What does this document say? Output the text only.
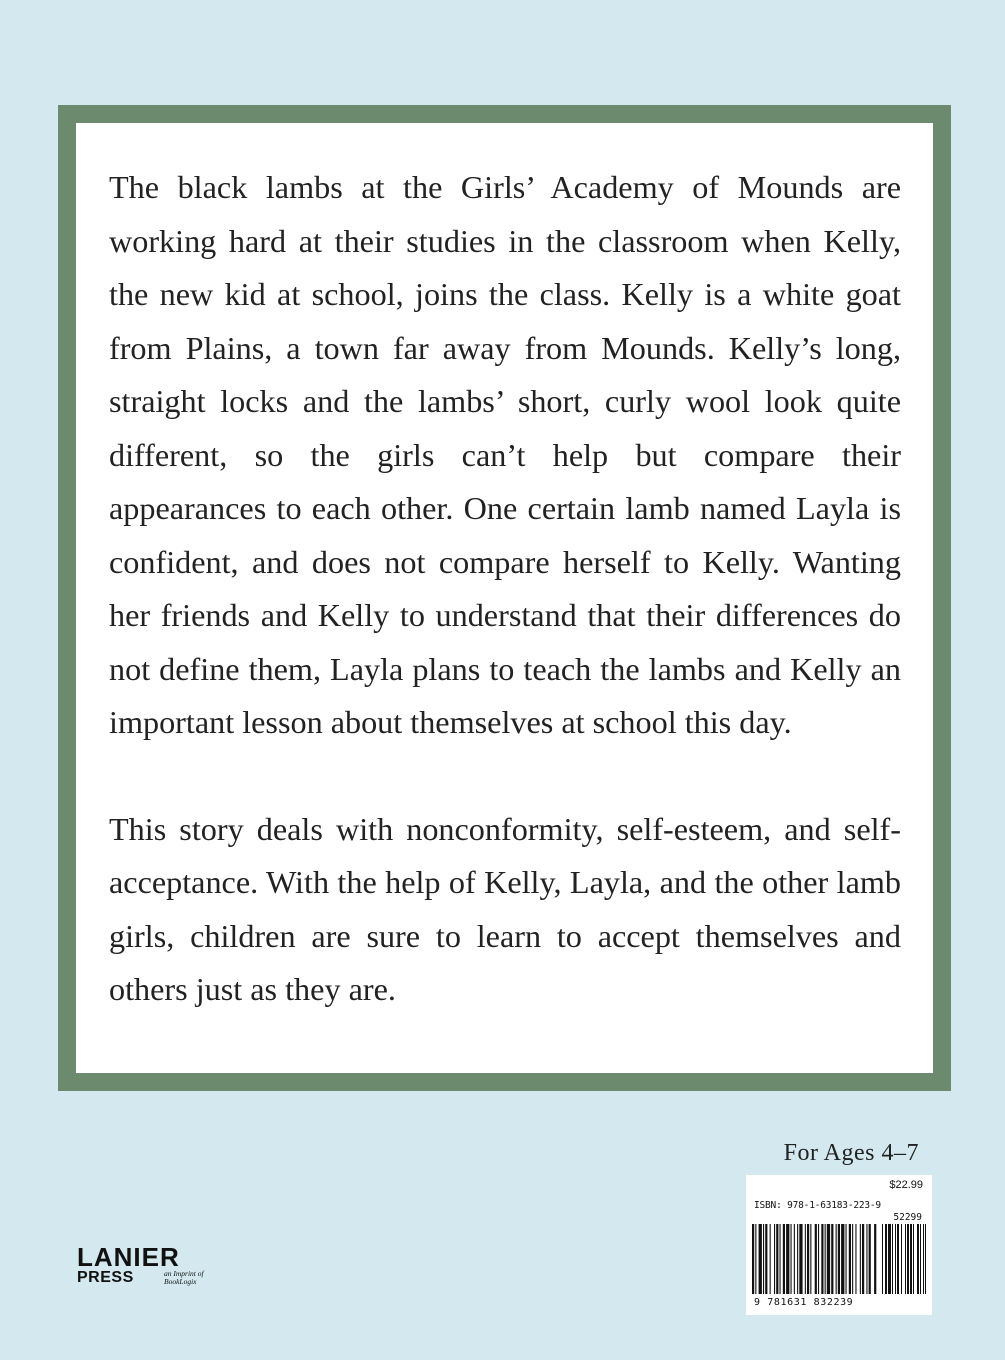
The black lambs at the Girls’ Academy of Mounds are working hard at their studies in the classroom when Kelly, the new kid at school, joins the class. Kelly is a white goat from Plains, a town far away from Mounds. Kelly’s long, straight locks and the lambs’ short, curly wool look quite different, so the girls can’t help but compare their appearances to each other. One certain lamb named Layla is confident, and does not compare herself to Kelly. Wanting her friends and Kelly to understand that their differences do not define them, Layla plans to teach the lambs and Kelly an important lesson about themselves at school this day.

This story deals with nonconformity, self-esteem, and self-acceptance. With the help of Kelly, Layla, and the other lamb girls, children are sure to learn to accept themselves and others just as they are.

For Ages 4–7
$22.99
ISBN: 978-1-63183-223-9
52299
9 781631 832239
LANIER
PRESS	an Imprint of
BookLogix
